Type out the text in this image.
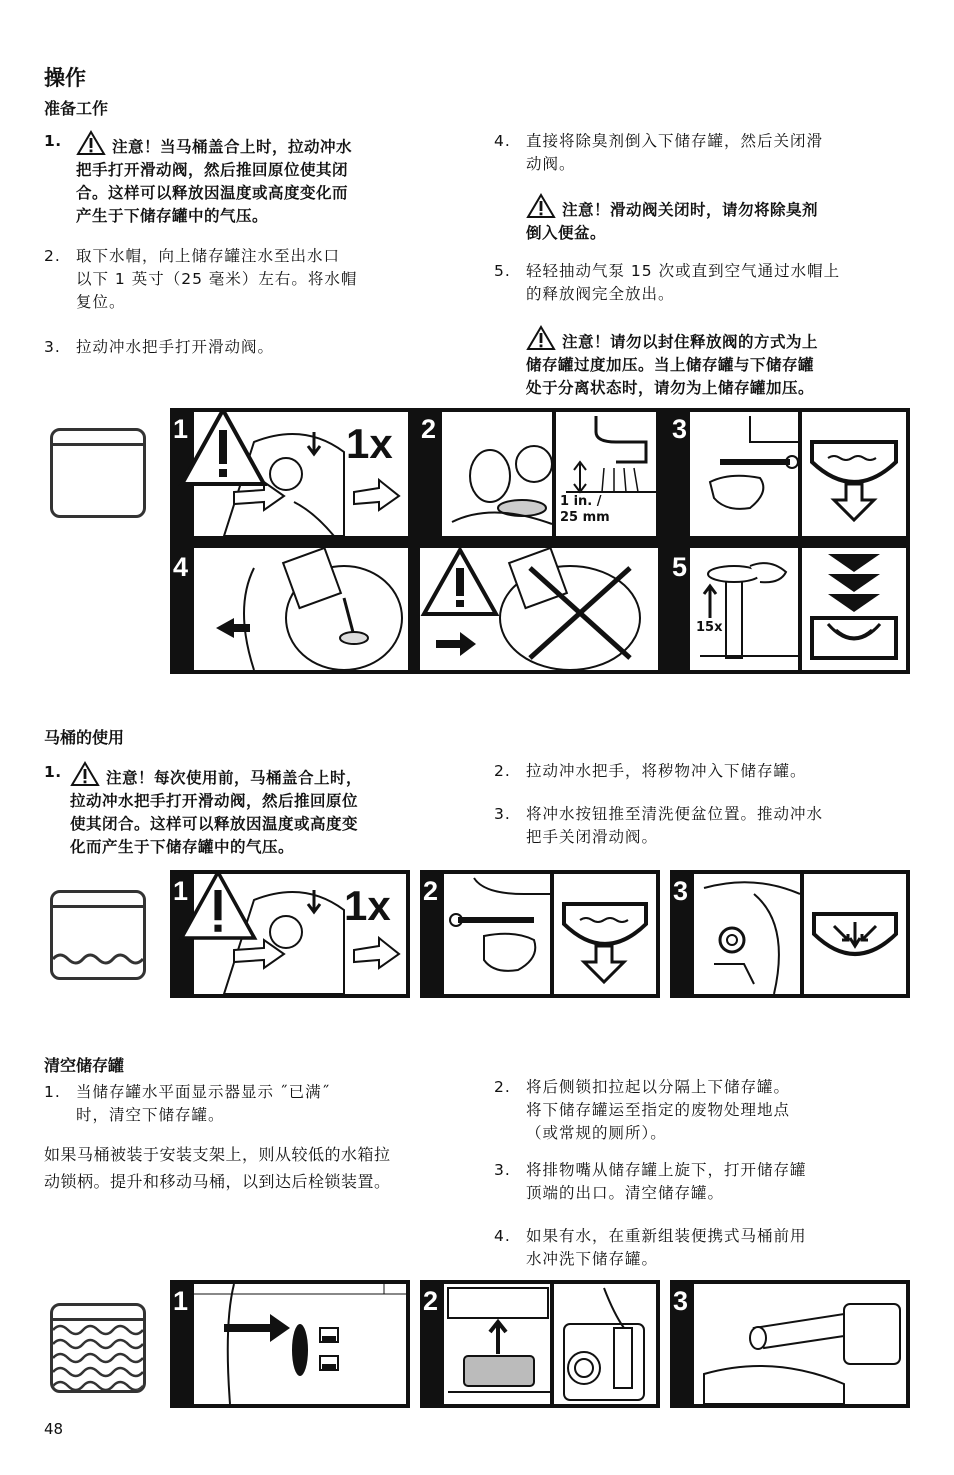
操作
准备工作
1.	注意！当马桶盖合上时，拉动冲水
把手打开滑动阀，然后推回原位使其闭
合。这样可以释放因温度或高度变化而
产生于下储存罐中的气压。
2. 取下水帽，向上储存罐注水至出水口
以下 1 英寸（25 毫米）左右。将水帽
复位。
3. 拉动冲水把手打开滑动阀。
4. 直接将除臭剂倒入下储存罐，然后关闭滑
动阀。
注意！滑动阀关闭时，请勿将除臭剂
倒入便盆。
5. 轻轻抽动气泵 15 次或直到空气通过水帽上
的释放阀完全放出。
注意！请勿以封住释放阀的方式为上
储存罐过度加压。当上储存罐与下储存罐
处于分离状态时，请勿为上储存罐加压。
1	1x 2
1 in. /
25 mm
3
4
15x
5
马桶的使用
1.	注意！每次使用前，马桶盖合上时，
拉动冲水把手打开滑动阀，然后推回原位
使其闭合。这样可以释放因温度或高度变
化而产生于下储存罐中的气压。
2. 拉动冲水把手，将秽物冲入下储存罐。
3. 将冲水按钮推至清洗便盆位置。推动冲水
把手关闭滑动阀。
1	1x 2	3
清空储存罐
1. 当储存罐水平面显示器显示 ˝已满˝
时，清空下储存罐。
如果马桶被装于安装支架上，则从较低的水箱拉
动锁柄。提升和移动马桶，以到达后栓锁装置。
2. 将后侧锁扣拉起以分隔上下储存罐。
将下储存罐运至指定的废物处理地点
（或常规的厕所）。
3. 将排物嘴从储存罐上旋下，打开储存罐
顶端的出口。清空储存罐。
4. 如果有水，在重新组装便携式马桶前用
水冲洗下储存罐。
1	2	3
48
